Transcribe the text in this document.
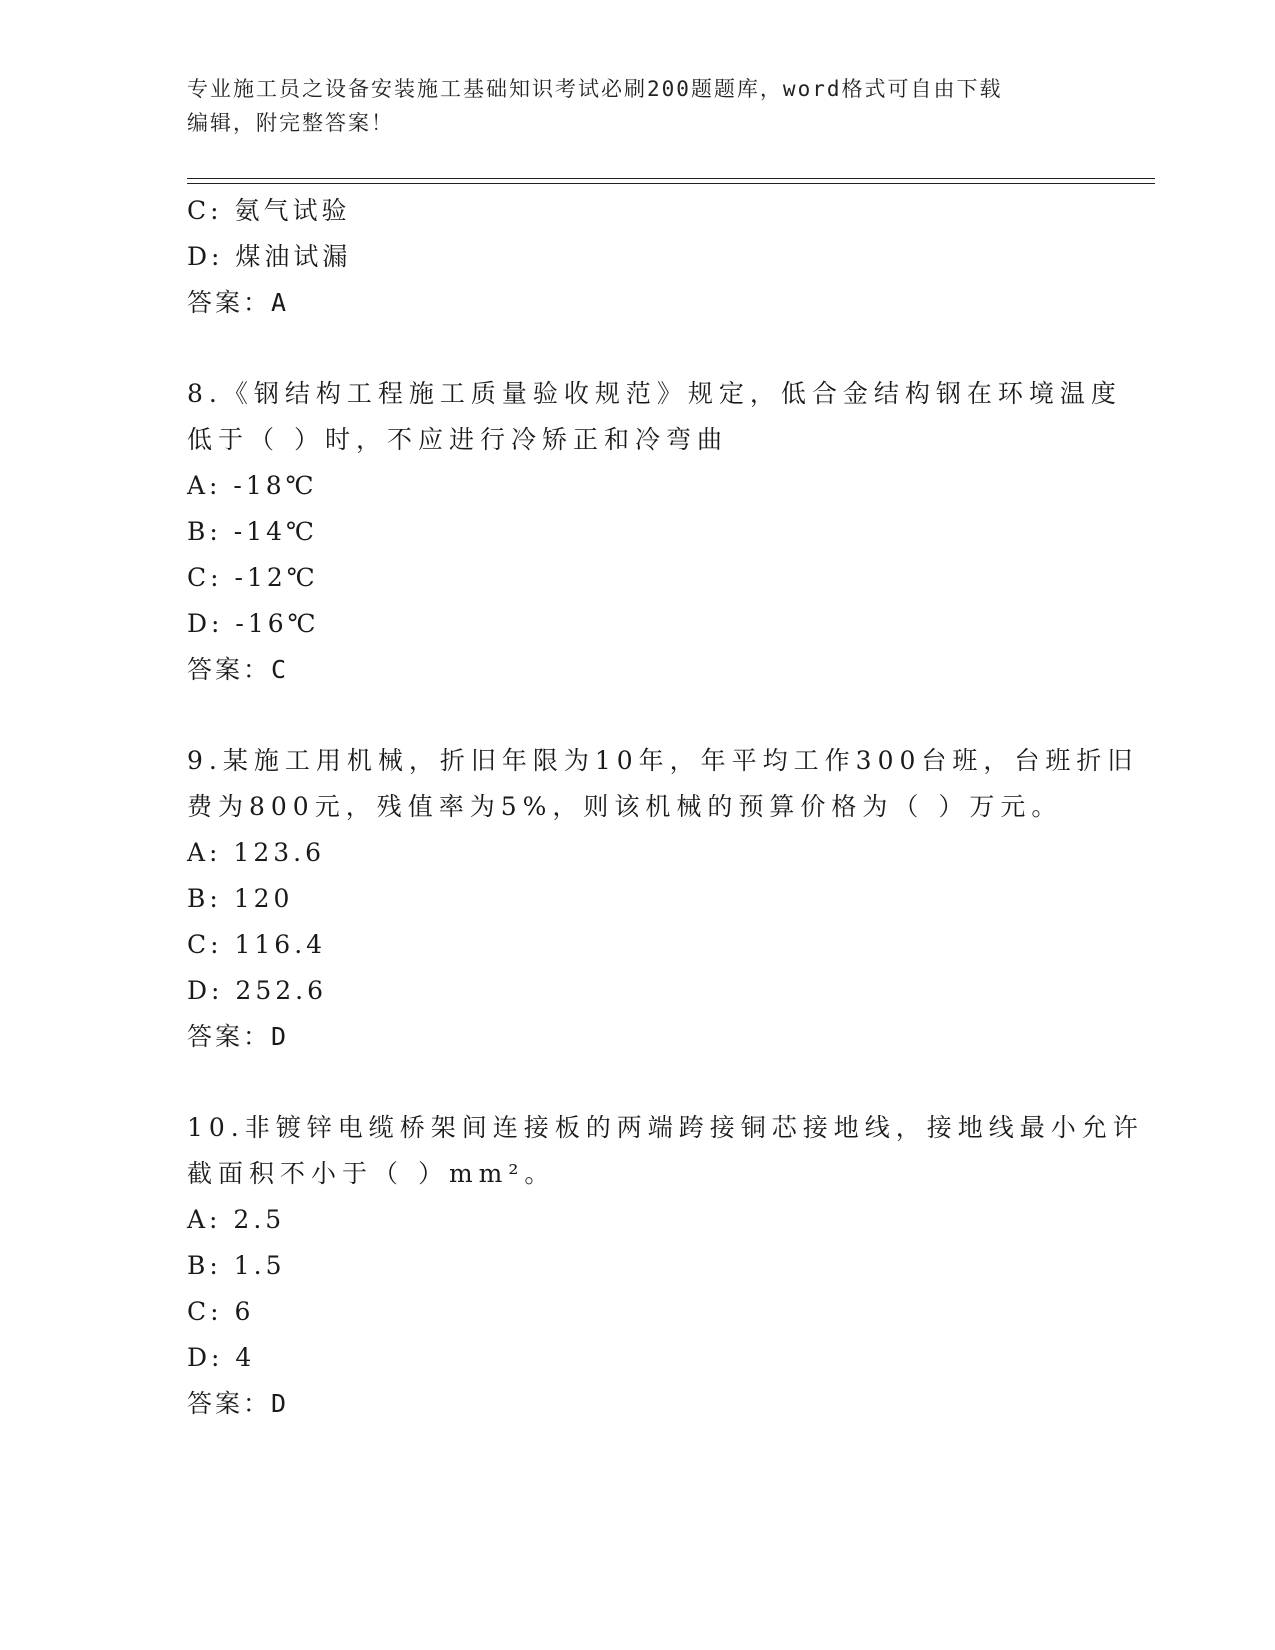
专业施工员之设备安装施工基础知识考试必刷200题题库，word格式可自由下载
编辑，附完整答案！
C: 氨气试验
D: 煤油试漏
答案：A
8.《钢结构工程施工质量验收规范》规定，低合金结构钢在环境温度
低于（ ）时，不应进行冷矫正和冷弯曲
A: -18℃
B: -14℃
C: -12℃
D: -16℃
答案：C
9.某施工用机械，折旧年限为10年，年平均工作300台班，台班折旧
费为800元，残值率为5%，则该机械的预算价格为（ ）万元。
A: 123.6
B: 120
C: 116.4
D: 252.6
答案：D
10.非镀锌电缆桥架间连接板的两端跨接铜芯接地线，接地线最小允许
截面积不小于（ ）mm²。
A: 2.5
B: 1.5
C: 6
D: 4
答案：D
